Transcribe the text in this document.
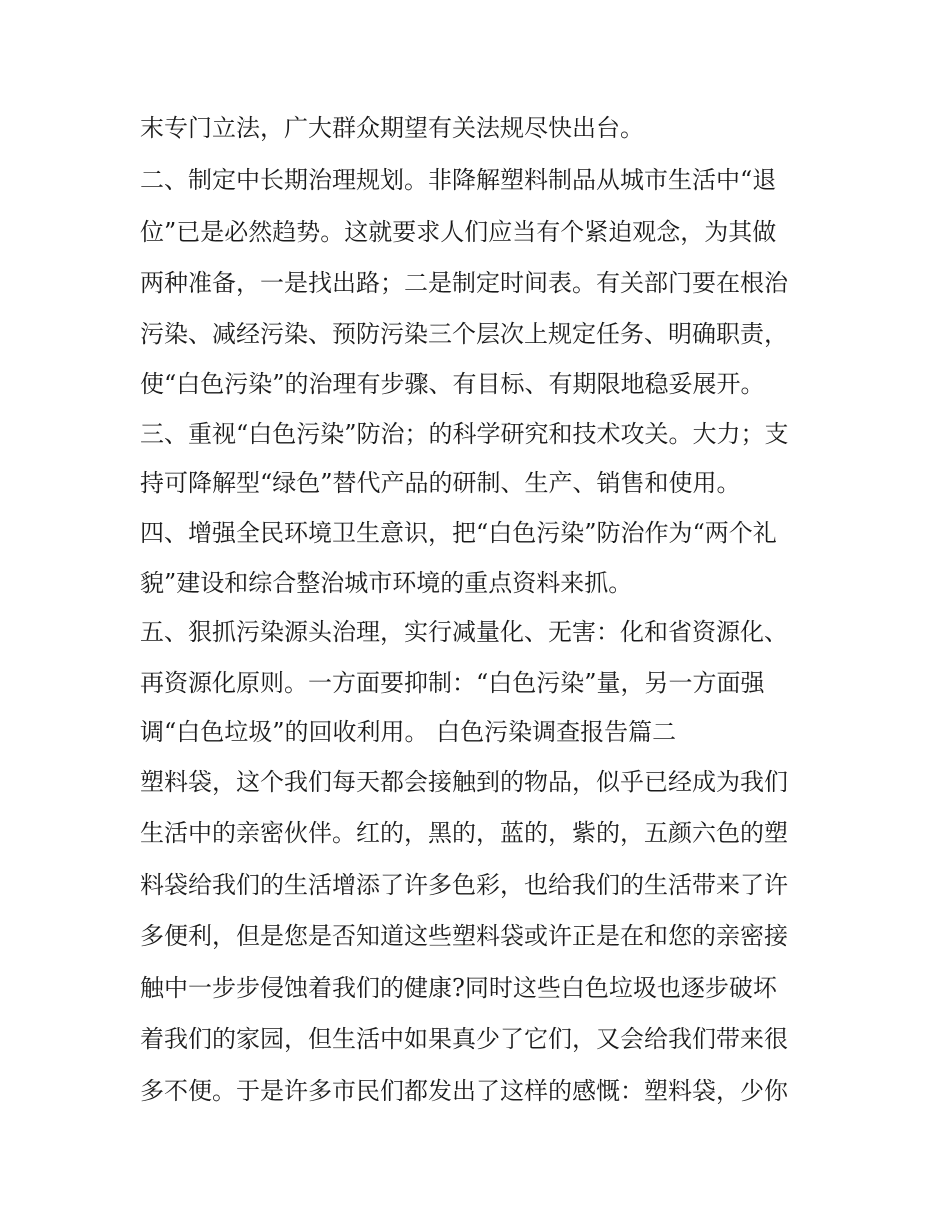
末专门立法，广大群众期望有关法规尽快出台。
二、制定中长期治理规划。非降解塑料制品从城市生活中“退
位”已是必然趋势。这就要求人们应当有个紧迫观念，为其做
两种准备，一是找出路；二是制定时间表。有关部门要在根治
污染、减经污染、预防污染三个层次上规定任务、明确职责，
使“白色污染”的治理有步骤、有目标、有期限地稳妥展开。
三、重视“白色污染”防治；的科学研究和技术攻关。大力；支
持可降解型“绿色”替代产品的研制、生产、销售和使用。
四、增强全民环境卫生意识，把“白色污染”防治作为“两个礼
貌”建设和综合整治城市环境的重点资料来抓。
五、狠抓污染源头治理，实行减量化、无害：化和省资源化、
再资源化原则。一方面要抑制：“白色污染”量，另一方面强
调“白色垃圾”的回收利用。 白色污染调查报告篇二
塑料袋，这个我们每天都会接触到的物品，似乎已经成为我们
生活中的亲密伙伴。红的，黑的，蓝的，紫的，五颜六色的塑
料袋给我们的生活增添了许多色彩，也给我们的生活带来了许
多便利，但是您是否知道这些塑料袋或许正是在和您的亲密接
触中一步步侵蚀着我们的健康?同时这些白色垃圾也逐步破坏
着我们的家园，但生活中如果真少了它们，又会给我们带来很
多不便。于是许多市民们都发出了这样的感慨：塑料袋，少你
